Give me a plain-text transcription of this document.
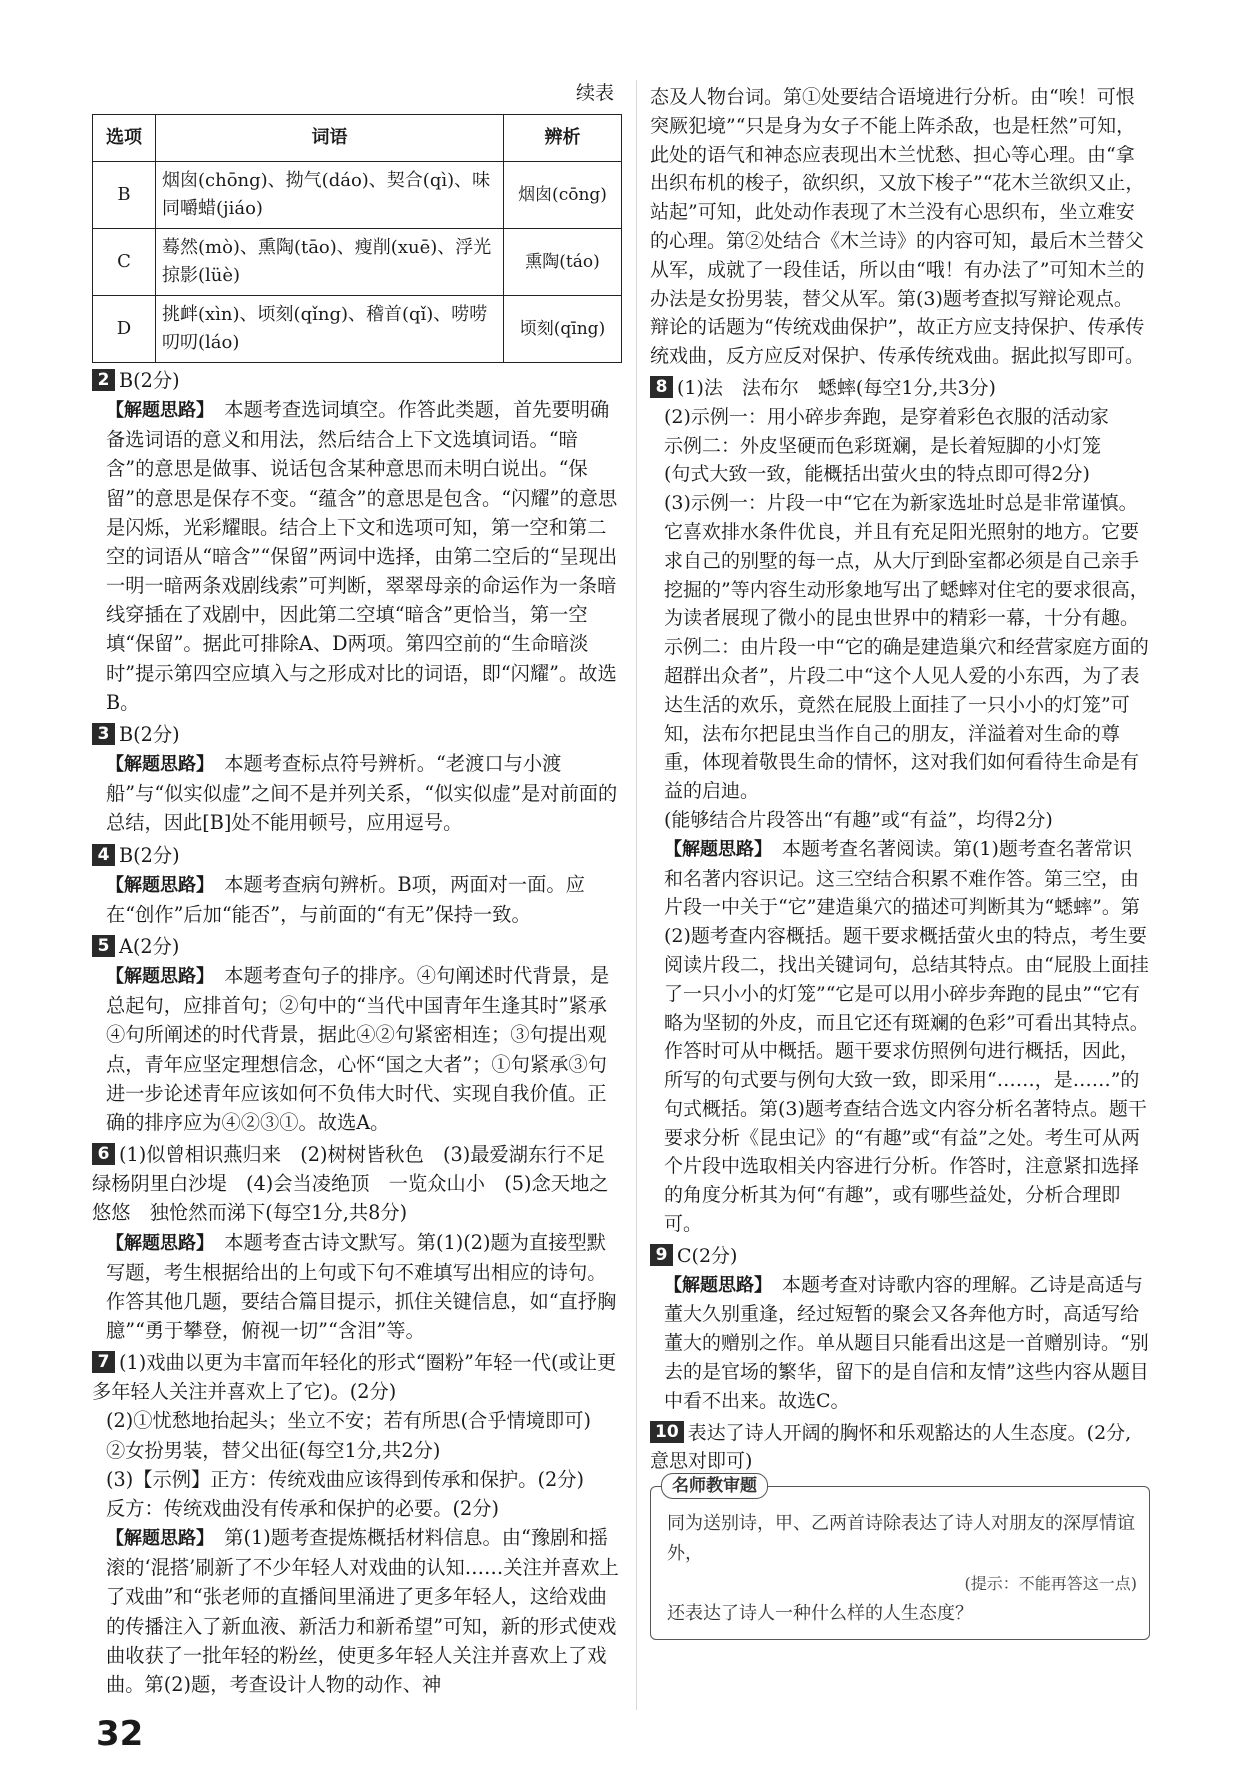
续表
选项	词语	辨析
B	烟囱(chōng)、拗气(dáo)、契合(qì)、味同嚼蜡(jiáo)	烟囱(cōng)
C	蓦然(mò)、熏陶(tāo)、瘦削(xuē)、浮光掠影(lüè)	熏陶(táo)
D	挑衅(xìn)、顷刻(qǐng)、稽首(qǐ)、唠唠叨叨(láo)	顷刻(qīng)

2 B(2分)

【解题思路】　 本题考查选词填空。作答此类题，首先要明确备选词语的意义和用法，然后结合上下文选填词语。“暗含”的意思是做事、说话包含某种意思而未明白说出。“保留”的意思是保存不变。“蕴含”的意思是包含。“闪耀”的意思是闪烁，光彩耀眼。结合上下文和选项可知，第一空和第二空的词语从“暗含”“保留”两词中选择，由第二空后的“呈现出一明一暗两条戏剧线索”可判断，翠翠母亲的命运作为一条暗线穿插在了戏剧中，因此第二空填“暗含”更恰当，第一空填“保留”。据此可排除A、D两项。第四空前的“生命暗淡时”提示第四空应填入与之形成对比的词语，即“闪耀”。故选B。

3 B(2分)

【解题思路】　 本题考查标点符号辨析。“老渡口与小渡船”与“似实似虚”之间不是并列关系，“似实似虚”是对前面的总结，因此[B]处不能用顿号，应用逗号。

4 B(2分)

【解题思路】　 本题考查病句辨析。B项，两面对一面。应在“创作”后加“能否”，与前面的“有无”保持一致。

5 A(2分)

【解题思路】　 本题考查句子的排序。④句阐述时代背景，是总起句，应排首句；②句中的“当代中国青年生逢其时”紧承④句所阐述的时代背景，据此④②句紧密相连；③句提出观点，青年应坚定理想信念，心怀“国之大者”；①句紧承③句进一步论述青年应该如何不负伟大时代、实现自我价值。正确的排序应为④②③①。故选A。

6 (1)似曾相识燕归来　(2)树树皆秋色　(3)最爱湖东行不足　绿杨阴里白沙堤　(4)会当凌绝顶　一览众山小　(5)念天地之悠悠　独怆然而涕下(每空1分,共8分)

【解题思路】　 本题考查古诗文默写。第(1)(2)题为直接型默写题，考生根据给出的上句或下句不难填写出相应的诗句。作答其他几题，要结合篇目提示，抓住关键信息，如“直抒胸臆”“勇于攀登，俯视一切”“含泪”等。

7 (1)戏曲以更为丰富而年轻化的形式“圈粉”年轻一代(或让更多年轻人关注并喜欢上了它)。(2分)

(2)①忧愁地抬起头；坐立不安；若有所思(合乎情境即可)

②女扮男装，替父出征(每空1分,共2分)

(3)【示例】正方：传统戏曲应该得到传承和保护。(2分)

反方：传统戏曲没有传承和保护的必要。(2分)

【解题思路】　 第(1)题考查提炼概括材料信息。由“豫剧和摇滚的‘混搭’刷新了不少年轻人对戏曲的认知……关注并喜欢上了戏曲”和“张老师的直播间里涌进了更多年轻人，这给戏曲的传播注入了新血液、新活力和新希望”可知，新的形式使戏曲收获了一批年轻的粉丝，使更多年轻人关注并喜欢上了戏曲。第(2)题，考查设计人物的动作、神

态及人物台词。第①处要结合语境进行分析。由“唉！可恨突厥犯境”“只是身为女子不能上阵杀敌，也是枉然”可知，此处的语气和神态应表现出木兰忧愁、担心等心理。由“拿出织布机的梭子，欲织织，又放下梭子”“花木兰欲织又止，站起”可知，此处动作表现了木兰没有心思织布，坐立难安的心理。第②处结合《木兰诗》的内容可知，最后木兰替父从军，成就了一段佳话，所以由“哦！有办法了”可知木兰的办法是女扮男装，替父从军。第(3)题考查拟写辩论观点。辩论的话题为“传统戏曲保护”，故正方应支持保护、传承传统戏曲，反方应反对保护、传承传统戏曲。据此拟写即可。

8 (1)法　法布尔　蟋蟀(每空1分,共3分)

(2)示例一：用小碎步奔跑，是穿着彩色衣服的活动家

示例二：外皮坚硬而色彩斑斓，是长着短脚的小灯笼

(句式大致一致，能概括出萤火虫的特点即可得2分)

(3)示例一：片段一中“它在为新家选址时总是非常谨慎。它喜欢排水条件优良，并且有充足阳光照射的地方。它要求自己的别墅的每一点，从大厅到卧室都必须是自己亲手挖掘的”等内容生动形象地写出了蟋蟀对住宅的要求很高，为读者展现了微小的昆虫世界中的精彩一幕，十分有趣。

示例二：由片段一中“它的确是建造巢穴和经营家庭方面的超群出众者”，片段二中“这个人见人爱的小东西，为了表达生活的欢乐，竟然在屁股上面挂了一只小小的灯笼”可知，法布尔把昆虫当作自己的朋友，洋溢着对生命的尊重，体现着敬畏生命的情怀，这对我们如何看待生命是有益的启迪。

(能够结合片段答出“有趣”或“有益”，均得2分)

【解题思路】　 本题考查名著阅读。第(1)题考查名著常识和名著内容识记。这三空结合积累不难作答。第三空，由片段一中关于“它”建造巢穴的描述可判断其为“蟋蟀”。第(2)题考查内容概括。题干要求概括萤火虫的特点，考生要阅读片段二，找出关键词句，总结其特点。由“屁股上面挂了一只小小的灯笼”“它是可以用小碎步奔跑的昆虫”“它有略为坚韧的外皮，而且它还有斑斓的色彩”可看出其特点。作答时可从中概括。题干要求仿照例句进行概括，因此，所写的句式要与例句大致一致，即采用“……，是……”的句式概括。第(3)题考查结合选文内容分析名著特点。题干要求分析《昆虫记》的“有趣”或“有益”之处。考生可从两个片段中选取相关内容进行分析。作答时，注意紧扣选择的角度分析其为何“有趣”，或有哪些益处，分析合理即可。

9 C(2分)

【解题思路】　 本题考查对诗歌内容的理解。乙诗是高适与董大久别重逢，经过短暂的聚会又各奔他方时，高适写给董大的赠别之作。单从题目只能看出这是一首赠别诗。“别去的是官场的繁华，留下的是自信和友情”这些内容从题目中看不出来。故选C。

10 表达了诗人开阔的胸怀和乐观豁达的人生态度。(2分,意思对即可)

名师教审题

同为送别诗，甲、乙两首诗除表达了诗人对朋友的深厚情谊外，

(提示：不能再答这一点)

还表达了诗人一种什么样的人生态度？

32
